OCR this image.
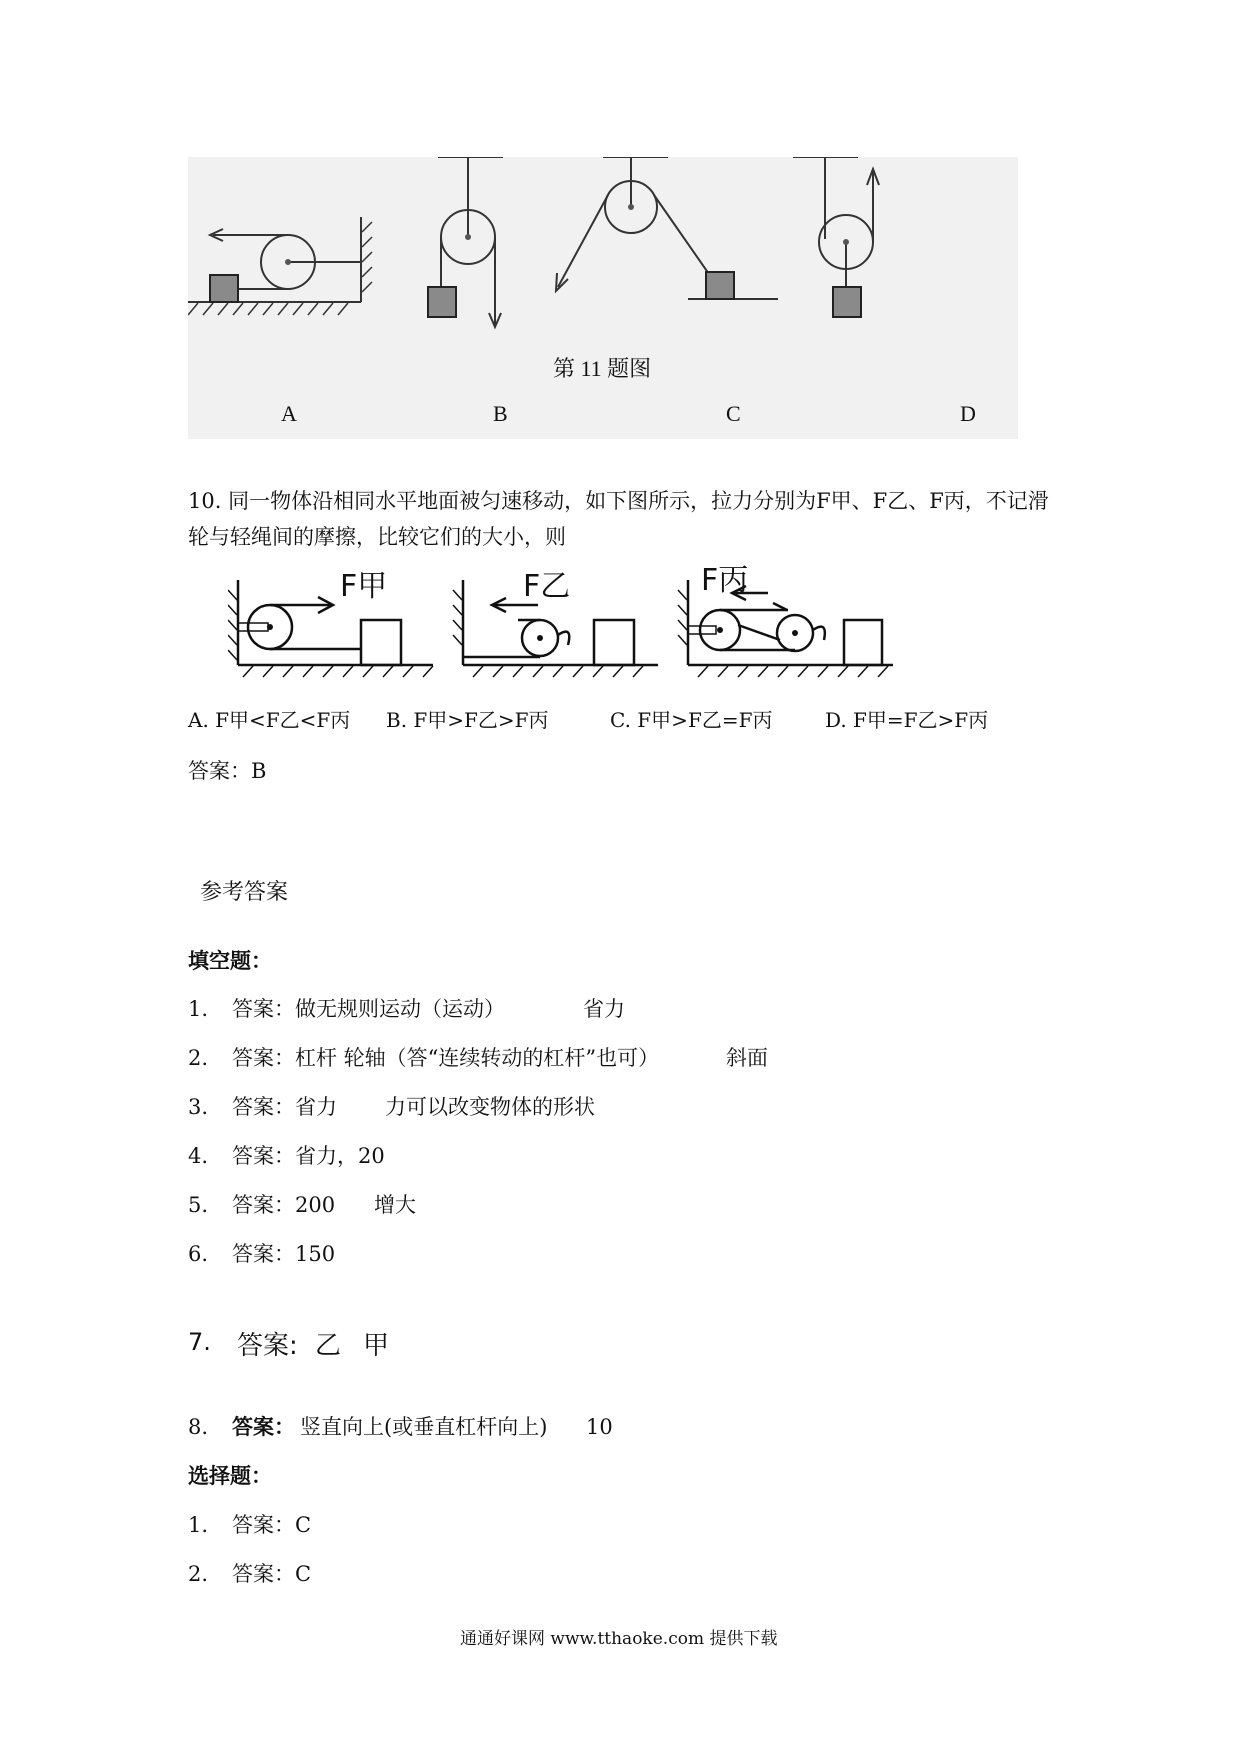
第 11 题图
A	B	C	D
10. 同一物体沿相同水平地面被匀速移动，如下图所示，拉力分别为F甲、F乙、F丙，不记滑
轮与轻绳间的摩擦，比较它们的大小，则
F甲	F乙	F丙
A. F甲<F乙<F丙 B. F甲>F乙>F丙	C. F甲>F乙=F丙	D. F甲=F乙>F丙
答案：B
参考答案
填空题：
1. 答案：做无规则运动（运动）	省力
2. 答案：杠杆 轮轴（答“连续转动的杠杆”也可）	斜面
3. 答案：省力 力可以改变物体的形状
4. 答案：省力，20
5. 答案：200 增大
6. 答案：150
7. 答案: 乙 甲
8. 答案： 竖直向上(或垂直杠杆向上) 10
选择题：
1. 答案：C
2. 答案：C
通通好课网 www.tthaoke.com 提供下载
